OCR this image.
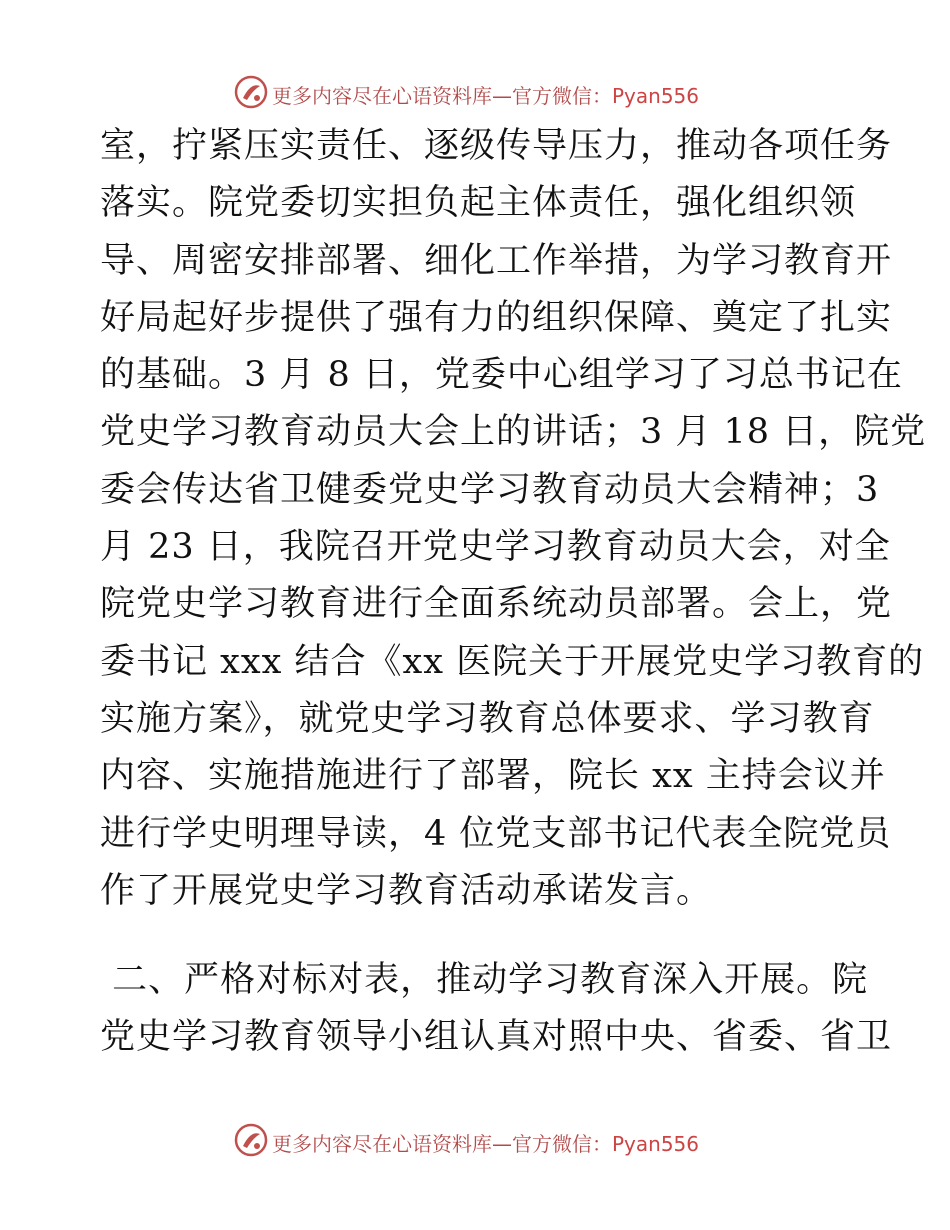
更多内容尽在心语资料库—官方微信：Pyan556
室，拧紧压实责任、逐级传导压力，推动各项任务
落实。院党委切实担负起主体责任，强化组织领
导、周密安排部署、细化工作举措，为学习教育开
好局起好步提供了强有力的组织保障、奠定了扎实
的基础。3 月 8 日，党委中心组学习了习总书记在
党史学习教育动员大会上的讲话；3 月 18 日，院党
委会传达省卫健委党史学习教育动员大会精神；3
月 23 日，我院召开党史学习教育动员大会，对全
院党史学习教育进行全面系统动员部署。会上，党
委书记 xxx 结合《xx 医院关于开展党史学习教育的
实施方案》，就党史学习教育总体要求、学习教育
内容、实施措施进行了部署，院长 xx 主持会议并
进行学史明理导读，4 位党支部书记代表全院党员
作了开展党史学习教育活动承诺发言。
二、严格对标对表，推动学习教育深入开展。院
党史学习教育领导小组认真对照中央、省委、省卫
更多内容尽在心语资料库—官方微信：Pyan556
